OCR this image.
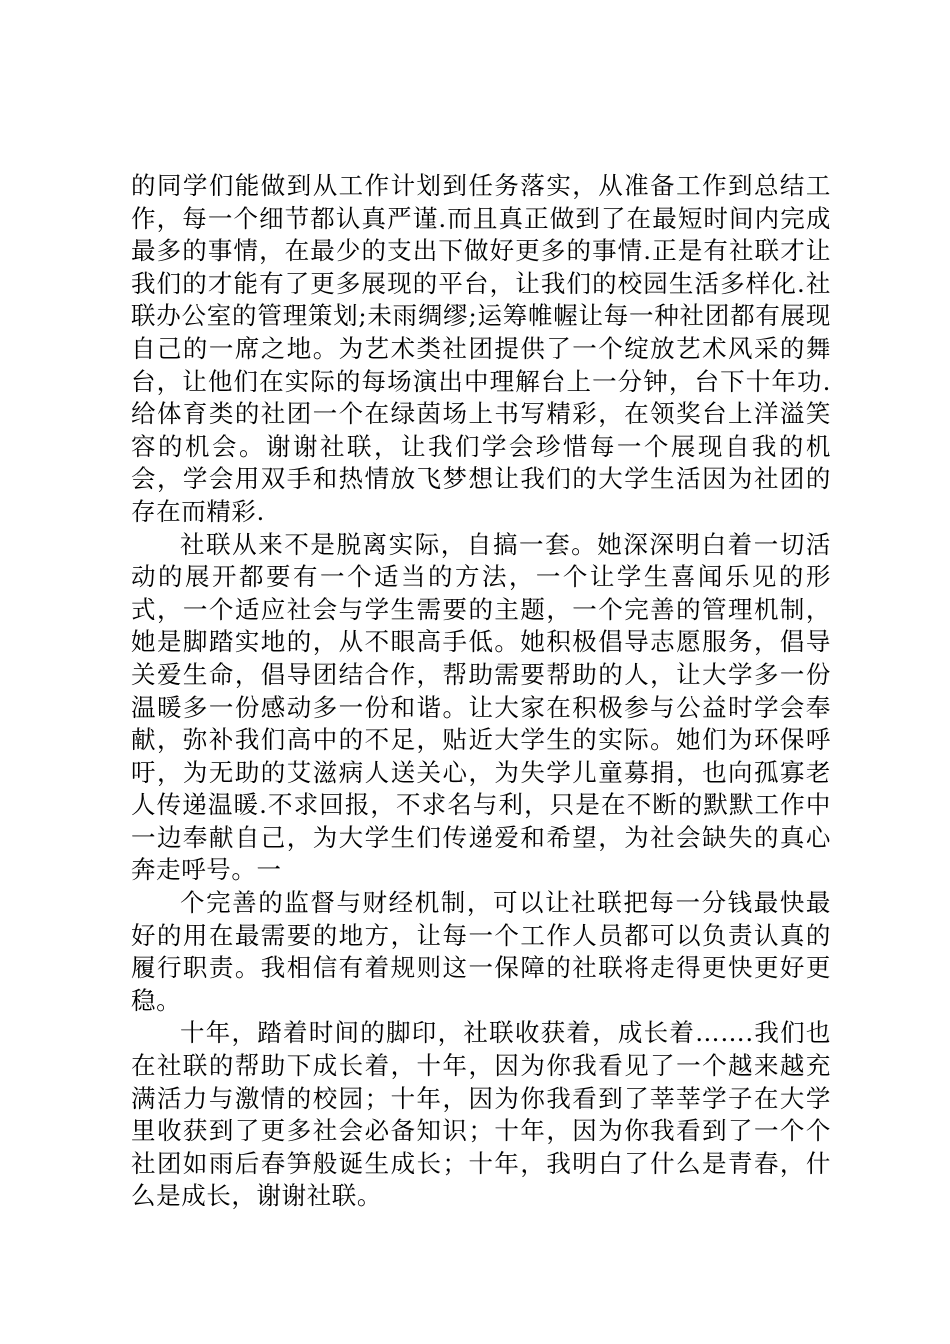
的同学们能做到从工作计划到任务落实，从准备工作到总结工作，每一个细节都认真严谨.而且真正做到了在最短时间内完成最多的事情，在最少的支出下做好更多的事情.正是有社联才让我们的才能有了更多展现的平台，让我们的校园生活多样化.社联办公室的管理策划;未雨绸缪;运筹帷幄让每一种社团都有展现自己的一席之地。为艺术类社团提供了一个绽放艺术风采的舞台，让他们在实际的每场演出中理解台上一分钟，台下十年功.给体育类的社团一个在绿茵场上书写精彩，在领奖台上洋溢笑容的机会。谢谢社联，让我们学会珍惜每一个展现自我的机会，学会用双手和热情放飞梦想让我们的大学生活因为社团的存在而精彩.

社联从来不是脱离实际，自搞一套。她深深明白着一切活动的展开都要有一个适当的方法，一个让学生喜闻乐见的形式，一个适应社会与学生需要的主题，一个完善的管理机制，她是脚踏实地的，从不眼高手低。她积极倡导志愿服务，倡导关爱生命，倡导团结合作，帮助需要帮助的人，让大学多一份温暖多一份感动多一份和谐。让大家在积极参与公益时学会奉献，弥补我们高中的不足，贴近大学生的实际。她们为环保呼吁，为无助的艾滋病人送关心，为失学儿童募捐，也向孤寡老人传递温暖.不求回报，不求名与利，只是在不断的默默工作中一边奉献自己，为大学生们传递爱和希望，为社会缺失的真心奔走呼号。一

个完善的监督与财经机制，可以让社联把每一分钱最快最好的用在最需要的地方，让每一个工作人员都可以负责认真的履行职责。我相信有着规则这一保障的社联将走得更快更好更稳。

十年，踏着时间的脚印，社联收获着，成长着…….我们也在社联的帮助下成长着，十年，因为你我看见了一个越来越充满活力与激情的校园；十年，因为你我看到了莘莘学子在大学里收获到了更多社会必备知识；十年，因为你我看到了一个个社团如雨后春笋般诞生成长；十年，我明白了什么是青春，什么是成长，谢谢社联。
